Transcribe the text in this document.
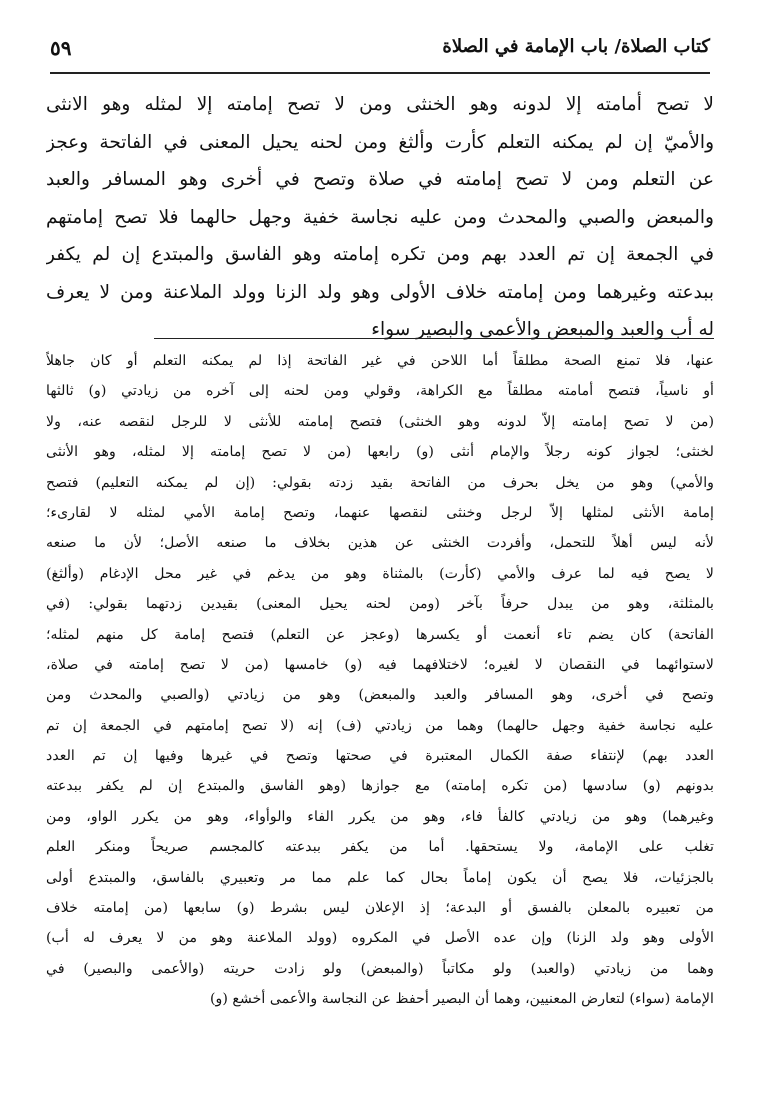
كتاب الصلاة/ باب الإمامة في الصلاة
٥٩
لا تصح أمامته إلا لدونه وهو الخنثى ومن لا تصح إمامته إلا لمثله وهو الانثى
والأميّ إن لم يمكنه التعلم كأرت وألثغ ومن لحنه يحيل المعنى في الفاتحة وعجز
عن التعلم ومن لا تصح إمامته في صلاة وتصح في أخرى وهو المسافر والعبد
والمبعض والصبي والمحدث ومن عليه نجاسة خفية وجهل حالهما فلا تصح إمامتهم
في الجمعة إن تم العدد بهم ومن تكره إمامته وهو الفاسق والمبتدع إن لم يكفر
ببدعته وغيرهما ومن إمامته خلاف الأولى وهو ولد الزنا وولد الملاعنة ومن لا يعرف
له أب والعبد والمبعض والأعمى والبصير سواء
عنها، فلا تمنع الصحة مطلقاً أما اللاحن في غير الفاتحة إذا لم يمكنه التعلم أو كان جاهلاً
أو ناسياً، فتصح أمامته مطلقاً مع الكراهة، وقولي ومن لحنه إلى آخره من زيادتي (و) ثالثها
(من لا تصح إمامته إلاّ لدونه وهو الخنثى) فتصح إمامته للأنثى لا للرجل لنقصه عنه، ولا
لخنثى؛ لجواز كونه رجلاً والإمام أنثى (و) رابعها (من لا تصح إمامته إلا لمثله، وهو الأنثى
والأمي) وهو من يخل بحرف من الفاتحة بقيد زدته بقولي: (إن لم يمكنه التعليم) فتصح
إمامة الأنثى لمثلها إلاّ لرجل وخنثى لنقصها عنهما، وتصح إمامة الأمي لمثله لا لقارىء؛
لأنه ليس أهلاً للتحمل، وأفردت الخنثى عن هذين بخلاف ما صنعه الأصل؛ لأن ما صنعه
لا يصح فيه لما عرف والأمي (كأرت) بالمثناة وهو من يدغم في غير محل الإدغام (وألثغ)
بالمثلثة، وهو من يبدل حرفاً بآخر (ومن لحنه يحيل المعنى) بقيدين زدتهما بقولي: (في
الفاتحة) كان يضم تاء أنعمت أو يكسرها (وعجز عن التعلم) فتصح إمامة كل منهم لمثله؛
لاستوائهما في النقصان لا لغيره؛ لاختلافهما فيه (و) خامسها (من لا تصح إمامته في صلاة،
وتصح في أخرى، وهو المسافر والعبد والمبعض) وهو من زيادتي (والصبي والمحدث ومن
عليه نجاسة خفية وجهل حالهما) وهما من زيادتي (ف) إنه (لا تصح إمامتهم في الجمعة إن تم
العدد بهم) لإنتفاء صفة الكمال المعتبرة في صحتها وتصح في غيرها وفيها إن تم العدد
بدونهم (و) سادسها (من تكره إمامته) مع جوازها (وهو الفاسق والمبتدع إن لم يكفر ببدعته
وغيرهما) وهو من زيادتي كالفأ فاء، وهو من يكرر الفاء والوأواء، وهو من يكرر الواو، ومن
تغلب على الإمامة، ولا يستحقها. أما من يكفر ببدعته كالمجسم صريحاً ومنكر العلم
بالجزئيات، فلا يصح أن يكون إماماً بحال كما علم مما مر وتعبيري بالفاسق، والمبتدع أولى
من تعبيره بالمعلن بالفسق أو البدعة؛ إذ الإعلان ليس بشرط (و) سابعها (من إمامته خلاف
الأولى وهو ولد الزنا) وإن عده الأصل في المكروه (وولد الملاعنة وهو من لا يعرف له أب)
وهما من زيادتي (والعبد) ولو مكاتباً (والمبعض) ولو زادت حريته (والأعمى والبصير) في
الإمامة (سواء) لتعارض المعنيين، وهما أن البصير أحفظ عن النجاسة والأعمى أخشع (و)
